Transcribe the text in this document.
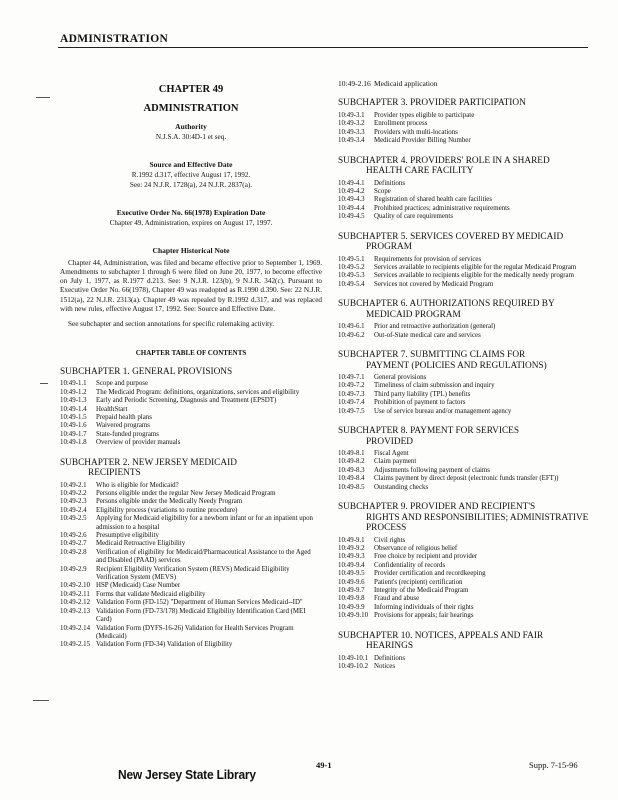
ADMINISTRATION
CHAPTER 49
ADMINISTRATION
Authority
N.J.S.A. 30:4D-1 et seq.
Source and Effective Date
R.1992 d.317, effective August 17, 1992.
See: 24 N.J.R. 1728(a), 24 N.J.R. 2837(a).
Executive Order No. 66(1978) Expiration Date
Chapter 49, Administration, expires on August 17, 1997.
Chapter Historical Note
Chapter 44, Administration, was filed and became effective prior to September 1, 1969. Amendments to subchapter 1 through 6 were filed on June 20, 1977, to become effective on July 1, 1977, as R.1977 d.213. See: 9 N.J.R. 123(b), 9 N.J.R. 342(c). Pursuant to Executive Order No. 66(1978), Chapter 49 was readopted as R.1990 d.390. See: 22 N.J.R. 1512(a), 22 N.J.R. 2313(a). Chapter 49 was repealed by R.1992 d.317, and was replaced with new rules, effective August 17, 1992. See: Source and Effective Date.
See subchapter and section annotations for specific rulemaking activity.
CHAPTER TABLE OF CONTENTS
SUBCHAPTER 1. GENERAL PROVISIONS
10:49-1.1	Scope and purpose
10:49-1.2	The Medicaid Program: definitions, organizations, services and eligibility
10:49-1.3	Early and Periodic Screening, Diagnosis and Treatment (EPSDT)
10:49-1.4	HealthStart
10:49-1.5	Prepaid health plans
10:49-1.6	Waivered programs
10:49-1.7	State-funded programs
10:49-1.8	Overview of provider manuals
SUBCHAPTER 2. NEW JERSEY MEDICAID
RECIPIENTS
10:49-2.1	Who is eligible for Medicaid?
10:49-2.2	Persons eligible under the regular New Jersey Medicaid Program
10:49-2.3	Persons eligible under the Medically Needy Program
10:49-2.4	Eligibility process (variations to routine procedure)
10:49-2.5	Applying for Medicaid eligibility for a newborn infant or for an inpatient upon admission to a hospital
10:49-2.6	Presumptive eligibility
10:49-2.7	Medicaid Retroactive Eligibility
10:49-2.8	Verification of eligibility for Medicaid/Pharmaceutical Assistance to the Aged and Disabled (PAAD) services
10:49-2.9	Recipient Eligibility Verification System (REVS) Medicaid Eligibility Verification System (MEVS)
10:49-2.10 HSP (Medicaid) Case Number
10:49-2.11 Forms that validate Medicaid eligibility
10:49-2.12 Validation Form (FD-152) "Department of Human Services Medicaid--ID"
10:49-2.13 Validation Form (FD-73/178) Medicaid Eligibility Identification Card (MEI Card)
10:49-2.14 Validation Form (DYFS-16-26) Validation for Health Services Program (Medicaid)
10:49-2.15 Validation Form (FD-34) Validation of Eligibility
10:49-2.16 Medicaid application
SUBCHAPTER 3. PROVIDER PARTICIPATION
10:49-3.1	Provider types eligible to participate
10:49-3.2	Enrollment process
10:49-3.3	Providers with multi-locations
10:49-3.4	Medicaid Provider Billing Number
SUBCHAPTER 4. PROVIDERS' ROLE IN A SHARED
HEALTH CARE FACILITY
10:49-4.1	Definitions
10:49-4.2	Scope
10:49-4.3	Registration of shared health care facilities
10:49-4.4	Prohibited practices; administrative requirements
10:49-4.5	Quality of care requirements
SUBCHAPTER 5. SERVICES COVERED BY MEDICAID
PROGRAM
10:49-5.1	Requirements for provision of services
10:49-5.2	Services available to recipients eligible for the regular Medicaid Program
10:49-5.3	Services available to recipients eligible for the medically needy program
10:49-5.4	Services not covered by Medicaid Program
SUBCHAPTER 6. AUTHORIZATIONS REQUIRED BY
MEDICAID PROGRAM
10:49-6.1	Prior and retroactive authorization (general)
10:49-6.2	Out-of-State medical care and services
SUBCHAPTER 7. SUBMITTING CLAIMS FOR
PAYMENT (POLICIES AND REGULATIONS)
10:49-7.1	General provisions
10:49-7.2	Timeliness of claim submission and inquiry
10:49-7.3	Third party liability (TPL) benefits
10:49-7.4	Prohibition of payment to factors
10:49-7.5	Use of service bureau and/or management agency
SUBCHAPTER 8. PAYMENT FOR SERVICES
PROVIDED
10:49-8.1	Fiscal Agent
10:49-8.2	Claim payment
10:49-8.3	Adjustments following payment of claims
10:49-8.4	Claims payment by direct deposit (electronic funds transfer (EFT))
10:49-8.5	Outstanding checks
SUBCHAPTER 9. PROVIDER AND RECIPIENT'S
RIGHTS AND RESPONSIBILITIES; ADMINISTRATIVE PROCESS
10:49-9.1	Civil rights
10:49-9.2	Observance of religious belief
10:49-9.3	Free choice by recipient and provider
10:49-9.4	Confidentiality of records
10:49-9.5	Provider certification and recordkeeping
10:49-9.6	Patient's (recipient) certification
10:49-9.7	Integrity of the Medicaid Program
10:49-9.8	Fraud and abuse
10:49-9.9	Informing individuals of their rights
10:49-9.10 Provisions for appeals; fair hearings
SUBCHAPTER 10. NOTICES, APPEALS AND FAIR
HEARINGS
10:49-10.1 Definitions
10:49-10.2 Notices
49-1	Supp. 7-15-96
New Jersey State Library
